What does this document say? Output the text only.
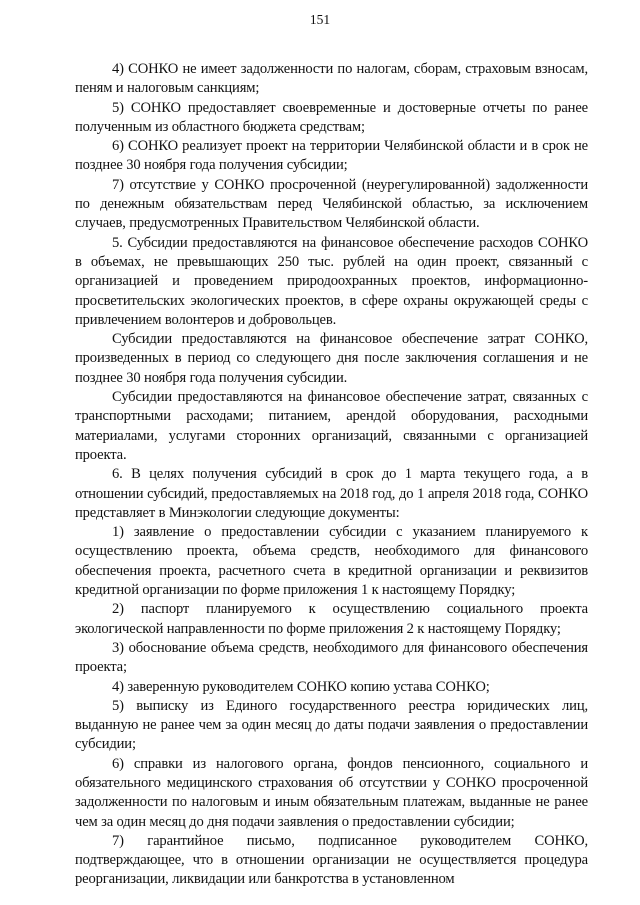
151

4) СОНКО не имеет задолженности по налогам, сборам, страховым взносам, пеням и налоговым санкциям;

5) СОНКО предоставляет своевременные и достоверные отчеты по ранее полученным из областного бюджета средствам;

6) СОНКО реализует проект на территории Челябинской области и в срок не позднее 30 ноября года получения субсидии;

7) отсутствие у СОНКО просроченной (неурегулированной) задолженности по денежным обязательствам перед Челябинской областью, за исключением случаев, предусмотренных Правительством Челябинской области.

5. Субсидии предоставляются на финансовое обеспечение расходов СОНКО в объемах, не превышающих 250 тыс. рублей на один проект, связанный с организацией и проведением природоохранных проектов, информационно-просветительских экологических проектов, в сфере охраны окружающей среды с привлечением волонтеров и добровольцев.

Субсидии предоставляются на финансовое обеспечение затрат СОНКО, произведенных в период со следующего дня после заключения соглашения и не позднее 30 ноября года получения субсидии.

Субсидии предоставляются на финансовое обеспечение затрат, связанных с транспортными расходами; питанием, арендой оборудования, расходными материалами, услугами сторонних организаций, связанными с организацией проекта.

6. В целях получения субсидий в срок до 1 марта текущего года, а в отношении субсидий, предоставляемых на 2018 год, до 1 апреля 2018 года, СОНКО представляет в Минэкологии следующие документы:

1) заявление о предоставлении субсидии с указанием планируемого к осуществлению проекта, объема средств, необходимого для финансового обеспечения проекта, расчетного счета в кредитной организации и реквизитов кредитной организации по форме приложения 1 к настоящему Порядку;

2) паспорт планируемого к осуществлению социального проекта экологической направленности по форме приложения 2 к настоящему Порядку;

3) обоснование объема средств, необходимого для финансового обеспечения проекта;

4) заверенную руководителем СОНКО копию устава СОНКО;

5) выписку из Единого государственного реестра юридических лиц, выданную не ранее чем за один месяц до даты подачи заявления о предоставлении субсидии;

6) справки из налогового органа, фондов пенсионного, социального и обязательного медицинского страхования об отсутствии у СОНКО просроченной задолженности по налоговым и иным обязательным платежам, выданные не ранее чем за один месяц до дня подачи заявления о предоставлении субсидии;

7) гарантийное письмо, подписанное руководителем СОНКО, подтверждающее, что в отношении организации не осуществляется процедура реорганизации, ликвидации или банкротства в установленном
